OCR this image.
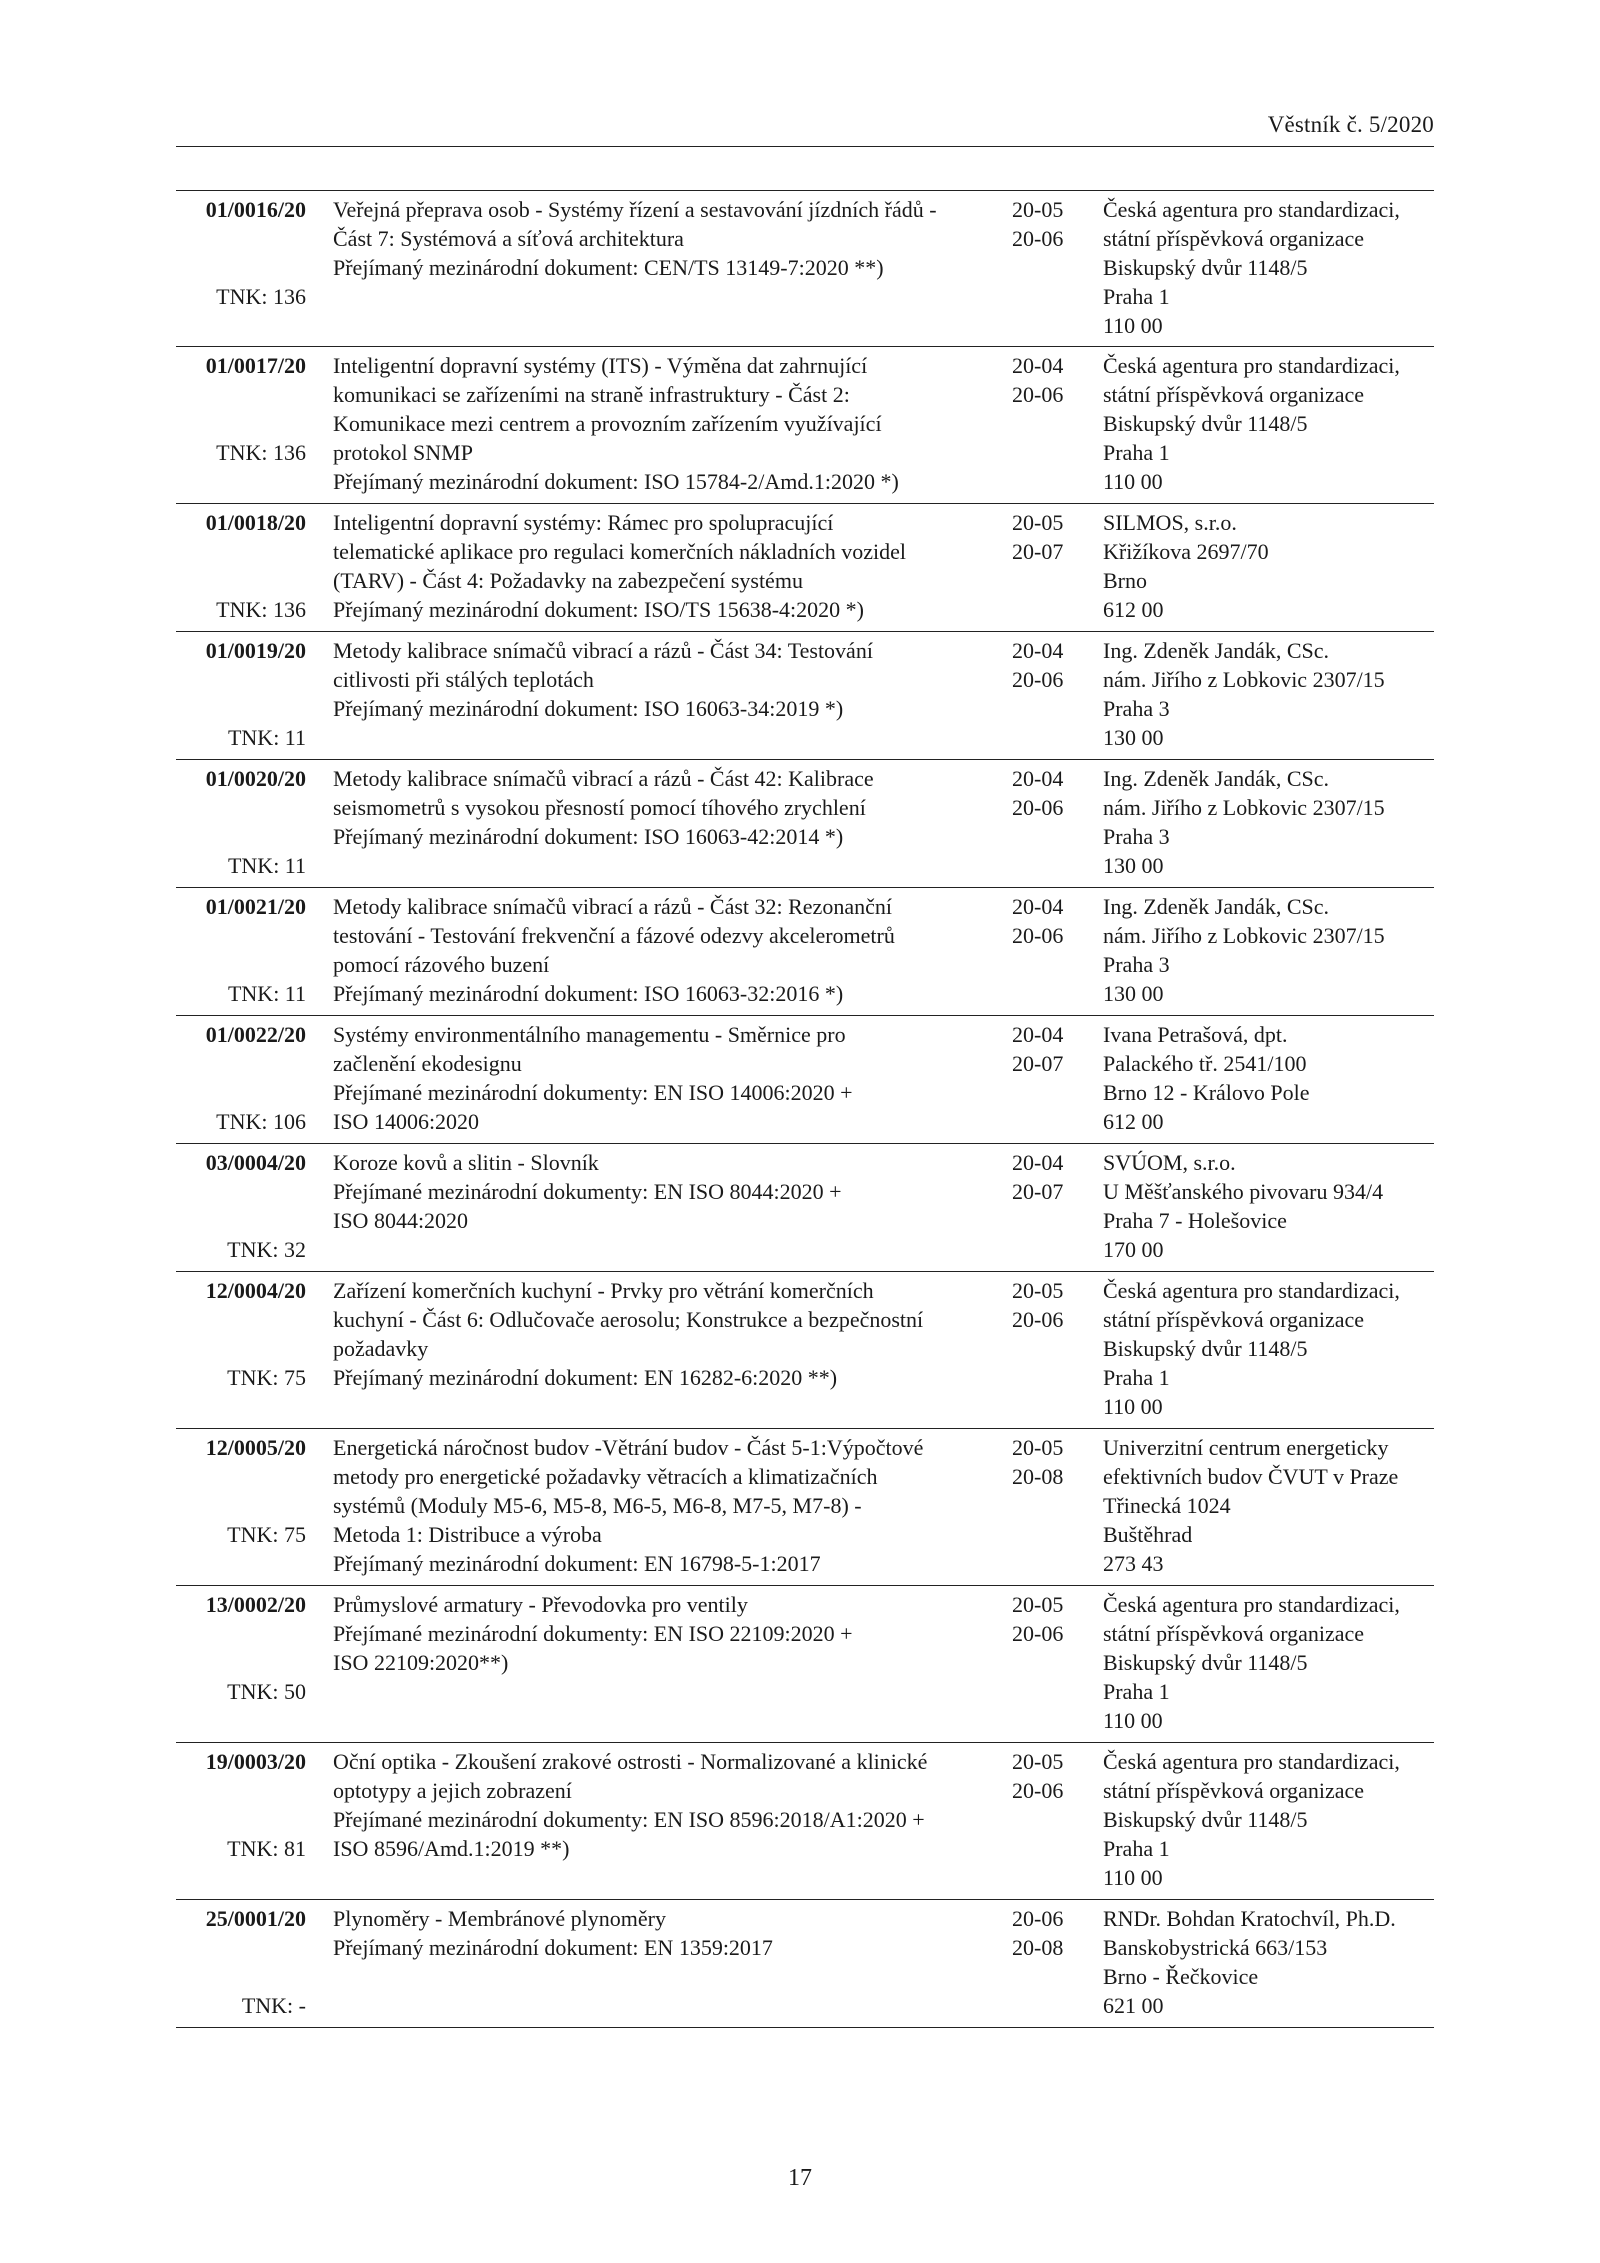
Věstník č. 5/2020
01/0016/20
TNK: 136
Veřejná přeprava osob - Systémy řízení a sestavování jízdních řádů -
Část 7: Systémová a síťová architektura
Přejímaný mezinárodní dokument: CEN/TS 13149-7:2020 **)
20-05
20-06
Česká agentura pro standardizaci,
státní příspěvková organizace
Biskupský dvůr 1148/5
Praha 1
110 00
01/0017/20
TNK: 136
Inteligentní dopravní systémy (ITS) - Výměna dat zahrnující
komunikaci se zařízeními na straně infrastruktury - Část 2:
Komunikace mezi centrem a provozním zařízením využívající
protokol SNMP
Přejímaný mezinárodní dokument: ISO 15784-2/Amd.1:2020 *)
20-04
20-06
Česká agentura pro standardizaci,
státní příspěvková organizace
Biskupský dvůr 1148/5
Praha 1
110 00
01/0018/20
TNK: 136
Inteligentní dopravní systémy: Rámec pro spolupracující
telematické aplikace pro regulaci komerčních nákladních vozidel
(TARV) - Část 4: Požadavky na zabezpečení systému
Přejímaný mezinárodní dokument: ISO/TS 15638-4:2020 *)
20-05
20-07
SILMOS, s.r.o.
Křižíkova 2697/70
Brno
612 00
01/0019/20
TNK: 11
Metody kalibrace snímačů vibrací a rázů - Část 34: Testování
citlivosti při stálých teplotách
Přejímaný mezinárodní dokument: ISO 16063-34:2019 *)
20-04
20-06
Ing. Zdeněk Jandák, CSc.
nám. Jiřího z Lobkovic 2307/15
Praha 3
130 00
01/0020/20
TNK: 11
Metody kalibrace snímačů vibrací a rázů - Část 42: Kalibrace
seismometrů s vysokou přesností pomocí tíhového zrychlení
Přejímaný mezinárodní dokument: ISO 16063-42:2014 *)
20-04
20-06
Ing. Zdeněk Jandák, CSc.
nám. Jiřího z Lobkovic 2307/15
Praha 3
130 00
01/0021/20
TNK: 11
Metody kalibrace snímačů vibrací a rázů - Část 32: Rezonanční
testování - Testování frekvenční a fázové odezvy akcelerometrů
pomocí rázového buzení
Přejímaný mezinárodní dokument: ISO 16063-32:2016 *)
20-04
20-06
Ing. Zdeněk Jandák, CSc.
nám. Jiřího z Lobkovic 2307/15
Praha 3
130 00
01/0022/20
TNK: 106
Systémy environmentálního managementu - Směrnice pro
začlenění ekodesignu
Přejímané mezinárodní dokumenty: EN ISO 14006:2020 +
ISO 14006:2020
20-04
20-07
Ivana Petrašová, dpt.
Palackého tř. 2541/100
Brno 12 - Královo Pole
612 00
03/0004/20
TNK: 32
Koroze kovů a slitin - Slovník
Přejímané mezinárodní dokumenty: EN ISO 8044:2020 +
ISO 8044:2020
20-04
20-07
SVÚOM, s.r.o.
U Měšťanského pivovaru 934/4
Praha 7 - Holešovice
170 00
12/0004/20
TNK: 75
Zařízení komerčních kuchyní - Prvky pro větrání komerčních
kuchyní - Část 6: Odlučovače aerosolu; Konstrukce a bezpečnostní
požadavky
Přejímaný mezinárodní dokument: EN 16282-6:2020 **)
20-05
20-06
Česká agentura pro standardizaci,
státní příspěvková organizace
Biskupský dvůr 1148/5
Praha 1
110 00
12/0005/20
TNK: 75
Energetická náročnost budov -Větrání budov - Část 5-1:Výpočtové
metody pro energetické požadavky větracích a klimatizačních
systémů (Moduly M5-6, M5-8, M6-5, M6-8, M7-5, M7-8) -
Metoda 1: Distribuce a výroba
Přejímaný mezinárodní dokument: EN 16798-5-1:2017
20-05
20-08
Univerzitní centrum energeticky
efektivních budov ČVUT v Praze
Třinecká 1024
Buštěhrad
273 43
13/0002/20
TNK: 50
Průmyslové armatury - Převodovka pro ventily
Přejímané mezinárodní dokumenty: EN ISO 22109:2020 +
ISO 22109:2020**)
20-05
20-06
Česká agentura pro standardizaci,
státní příspěvková organizace
Biskupský dvůr 1148/5
Praha 1
110 00
19/0003/20
TNK: 81
Oční optika - Zkoušení zrakové ostrosti - Normalizované a klinické
optotypy a jejich zobrazení
Přejímané mezinárodní dokumenty: EN ISO 8596:2018/A1:2020 +
ISO 8596/Amd.1:2019 **)
20-05
20-06
Česká agentura pro standardizaci,
státní příspěvková organizace
Biskupský dvůr 1148/5
Praha 1
110 00
25/0001/20
TNK: -
Plynoměry - Membránové plynoměry
Přejímaný mezinárodní dokument: EN 1359:2017
20-06
20-08
RNDr. Bohdan Kratochvíl, Ph.D.
Banskobystrická 663/153
Brno - Řečkovice
621 00
17
